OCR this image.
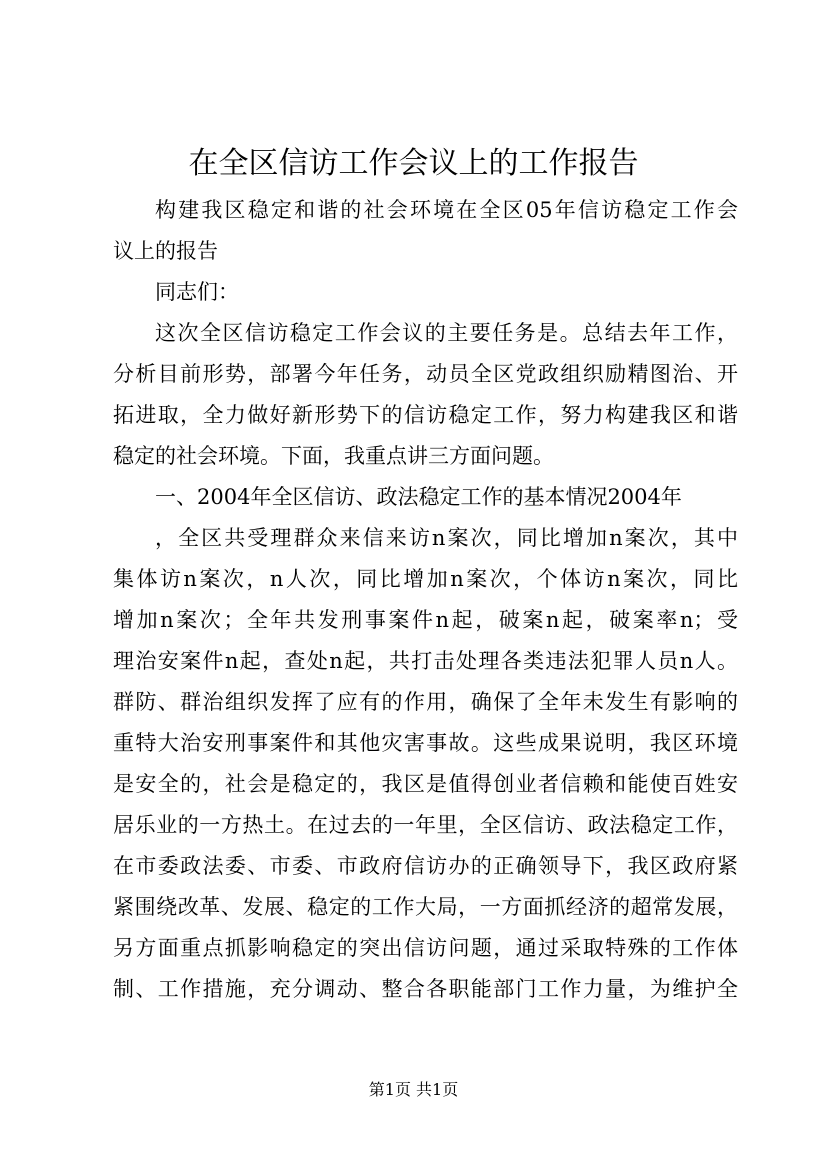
在全区信访工作会议上的工作报告
构建我区稳定和谐的社会环境在全区05年信访稳定工作会
议上的报告
同志们：
这次全区信访稳定工作会议的主要任务是。总结去年工作，
分析目前形势，部署今年任务，动员全区党政组织励精图治、开
拓进取，全力做好新形势下的信访稳定工作，努力构建我区和谐
稳定的社会环境。下面，我重点讲三方面问题。
一、2004年全区信访、政法稳定工作的基本情况2004年
，全区共受理群众来信来访n案次，同比增加n案次，其中
集体访n案次，n人次，同比增加n案次，个体访n案次，同比
增加n案次；全年共发刑事案件n起，破案n起，破案率n；受
理治安案件n起，查处n起，共打击处理各类违法犯罪人员n人。
群防、群治组织发挥了应有的作用，确保了全年未发生有影响的
重特大治安刑事案件和其他灾害事故。这些成果说明，我区环境
是安全的，社会是稳定的，我区是值得创业者信赖和能使百姓安
居乐业的一方热土。在过去的一年里，全区信访、政法稳定工作，
在市委政法委、市委、市政府信访办的正确领导下，我区政府紧
紧围绕改革、发展、稳定的工作大局，一方面抓经济的超常发展，
另方面重点抓影响稳定的突出信访问题，通过采取特殊的工作体
制、工作措施，充分调动、整合各职能部门工作力量，为维护全
第1页 共1页
